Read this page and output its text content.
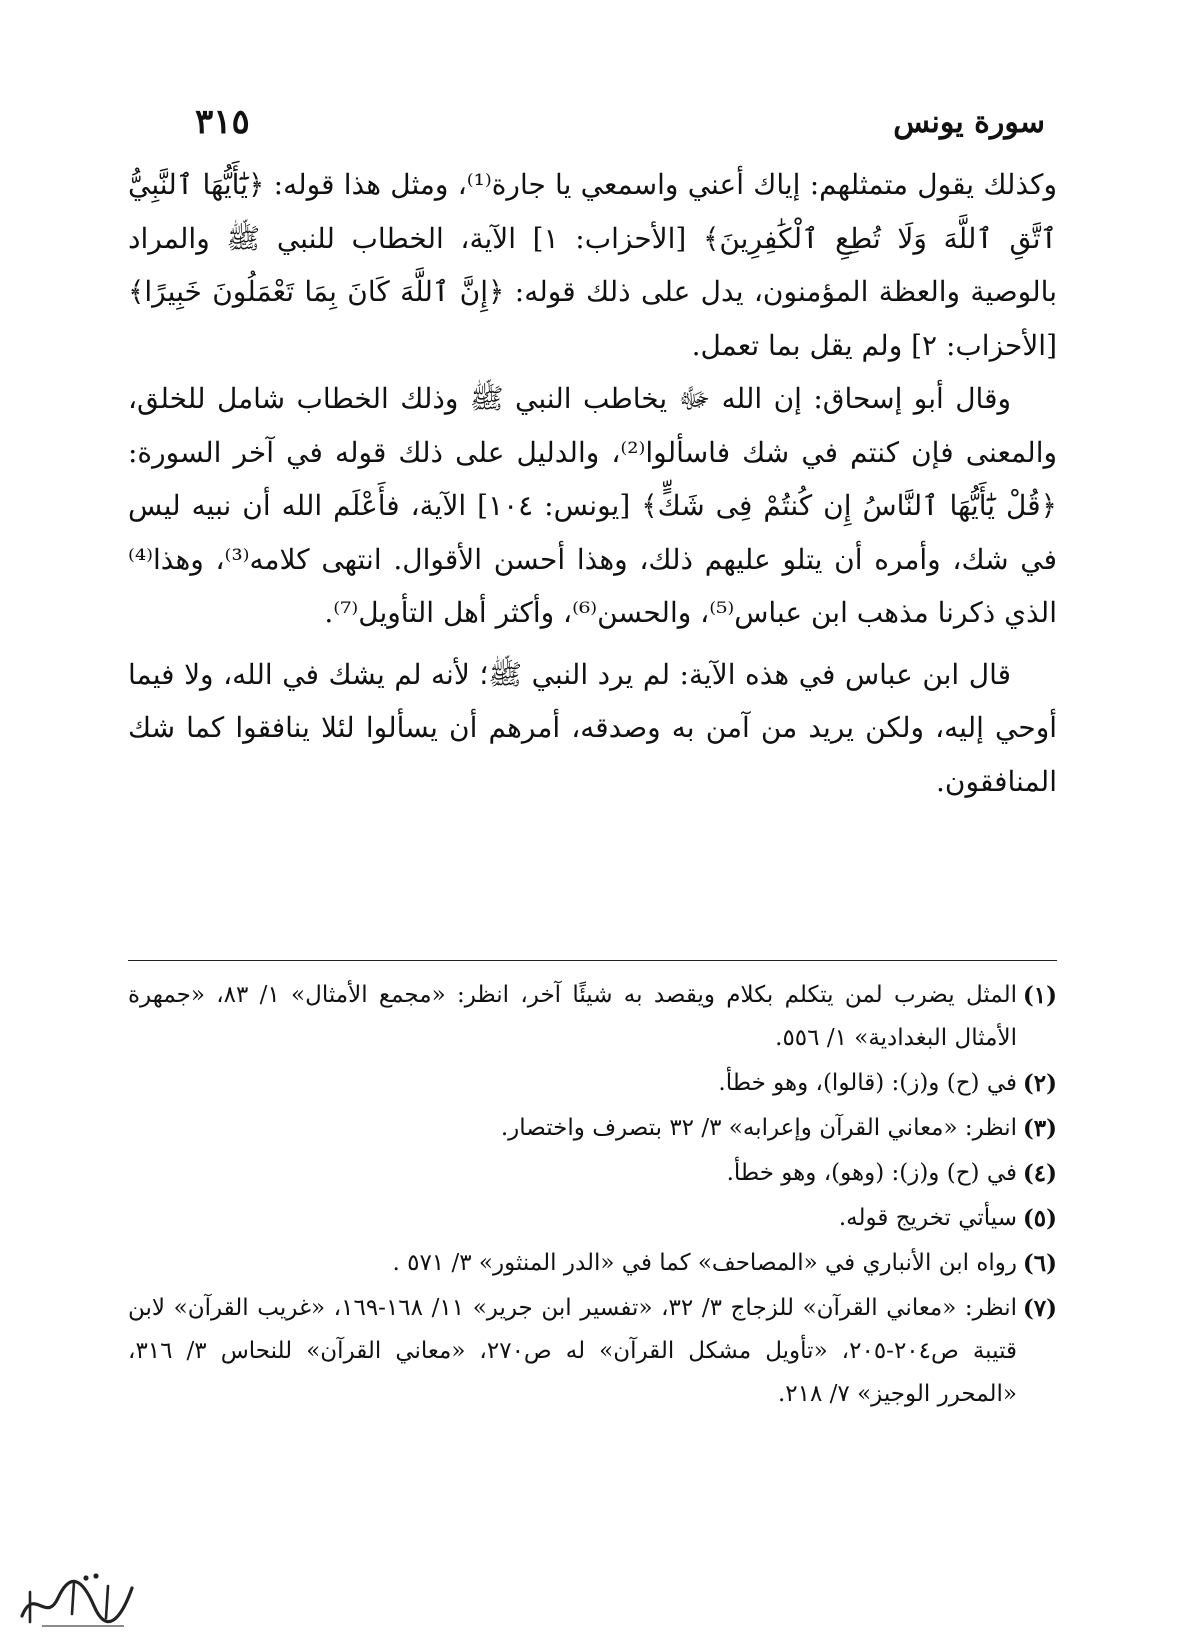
سورة يونس
٣١٥

وكذلك يقول متمثلهم: إياك أعني واسمعي يا جارة⁽¹⁾، ومثل هذا قوله: ﴿يَٰٓأَيُّهَا ٱلنَّبِيُّ ٱتَّقِ ٱللَّهَ وَلَا تُطِعِ ٱلْكَٰفِرِينَ﴾ [الأحزاب: ١] الآية، الخطاب للنبي ﷺ والمراد بالوصية والعظة المؤمنون، يدل على ذلك قوله: ﴿إِنَّ ٱللَّهَ كَانَ بِمَا تَعْمَلُونَ خَبِيرًا﴾ [الأحزاب: ٢] ولم يقل بما تعمل.

وقال أبو إسحاق: إن الله ﷻ يخاطب النبي ﷺ وذلك الخطاب شامل للخلق، والمعنى فإن كنتم في شك فاسألوا⁽²⁾، والدليل على ذلك قوله في آخر السورة: ﴿قُلْ يَٰٓأَيُّهَا ٱلنَّاسُ إِن كُنتُمْ فِى شَكٍّ﴾ [يونس: ١٠٤] الآية، فأَعْلَم الله أن نبيه ليس في شك، وأمره أن يتلو عليهم ذلك، وهذا أحسن الأقوال. انتهى كلامه⁽³⁾، وهذا⁽⁴⁾ الذي ذكرنا مذهب ابن عباس⁽⁵⁾، والحسن⁽⁶⁾، وأكثر أهل التأويل⁽⁷⁾.

قال ابن عباس في هذه الآية: لم يرد النبي ﷺ؛ لأنه لم يشك في الله، ولا فيما أوحي إليه، ولكن يريد من آمن به وصدقه، أمرهم أن يسألوا لئلا ينافقوا كما شك المنافقون.

(١)
المثل يضرب لمن يتكلم بكلام ويقصد به شيئًا آخر، انظر: «مجمع الأمثال» ١/ ٨٣، «جمهرة الأمثال البغدادية» ١/ ٥٥٦.
(٢)
في (ح) و(ز): (قالوا)، وهو خطأ.
(٣)
انظر: «معاني القرآن وإعرابه» ٣/ ٣٢ بتصرف واختصار.
(٤)
في (ح) و(ز): (وهو)، وهو خطأ.
(٥)
سيأتي تخريج قوله.
(٦)
رواه ابن الأنباري في «المصاحف» كما في «الدر المنثور» ٣/ ٥٧١ .
(٧)
انظر: «معاني القرآن» للزجاج ٣/ ٣٢، «تفسير ابن جرير» ١١/ ١٦٨-١٦٩، «غريب القرآن» لابن قتيبة ص٢٠٤-٢٠٥، «تأويل مشكل القرآن» له ص٢٧٠، «معاني القرآن» للنحاس ٣/ ٣١٦، «المحرر الوجيز» ٧/ ٢١٨.
